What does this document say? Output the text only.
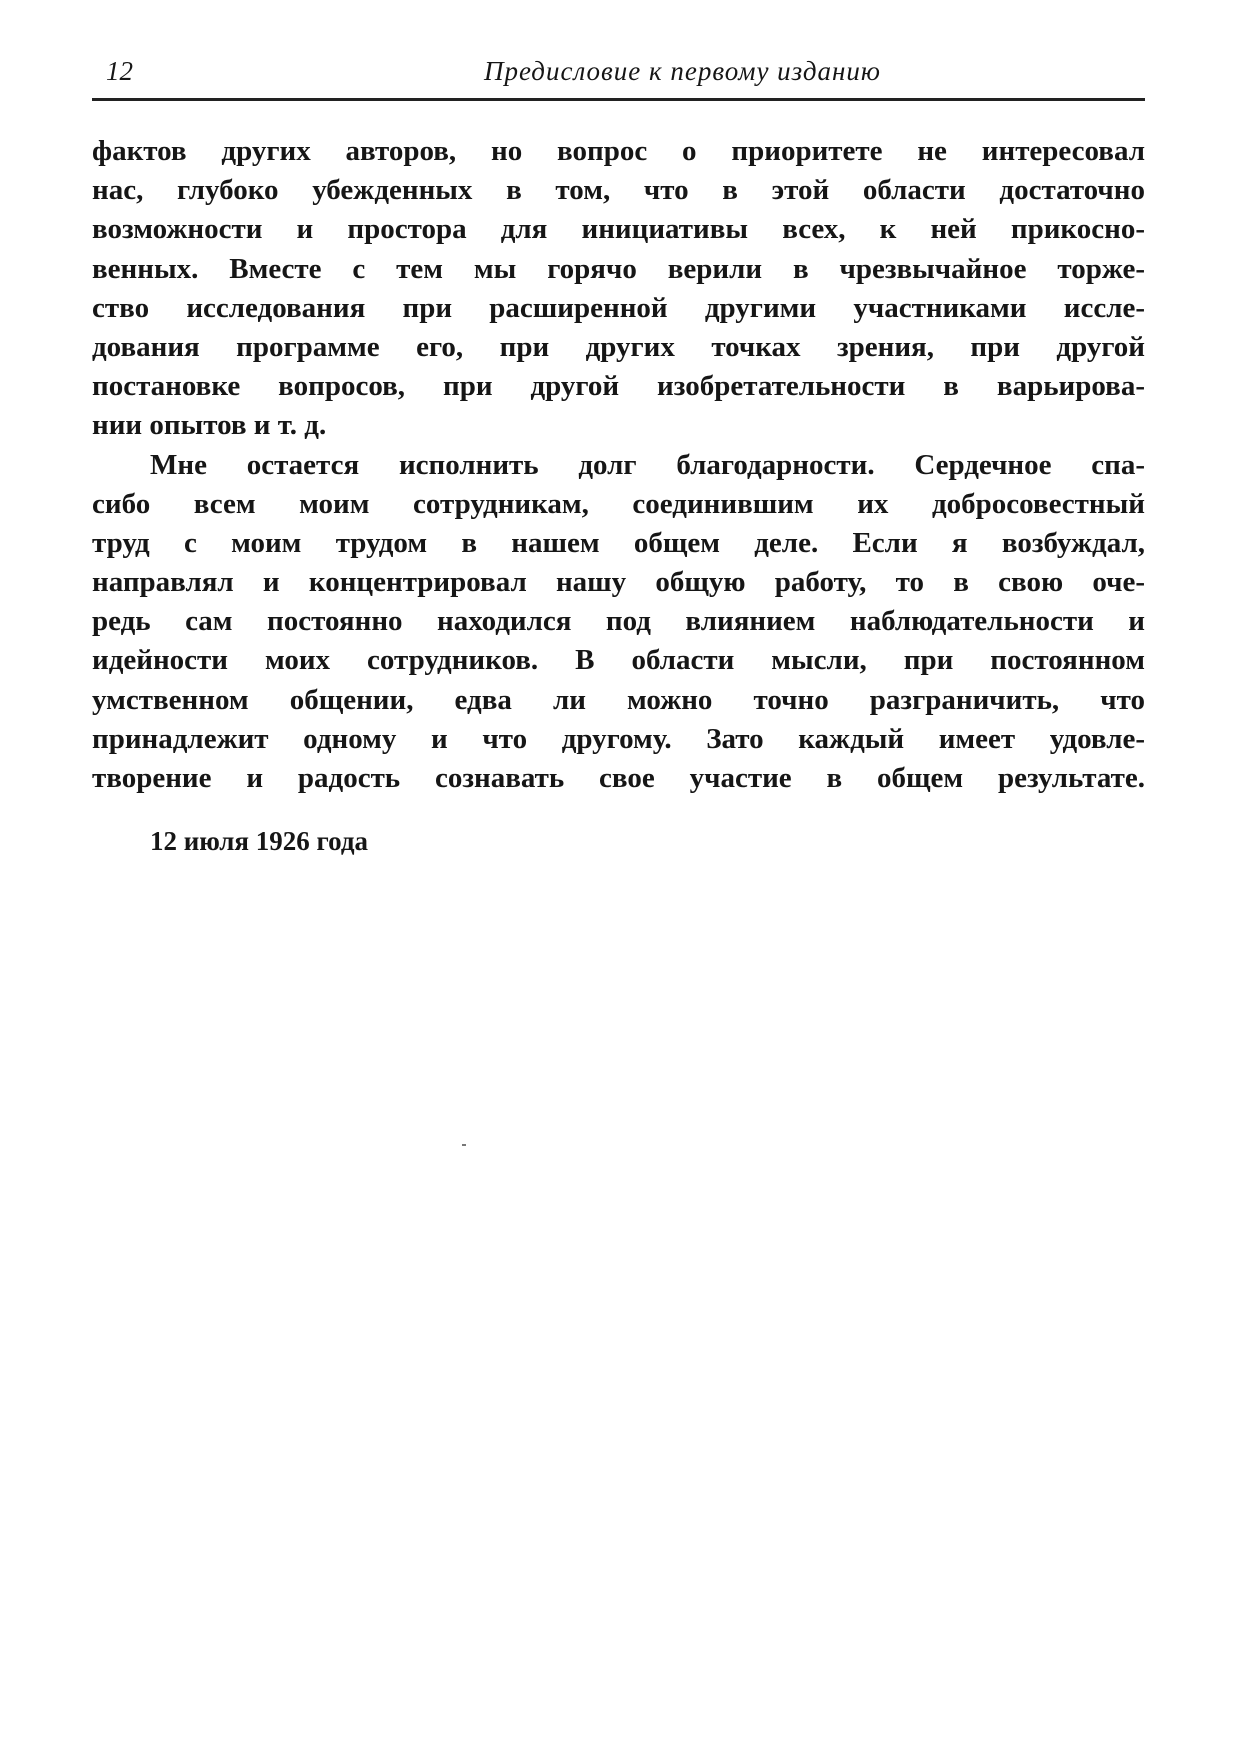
12	Предисловие к первому изданию
фактов других авторов, но вопрос о приоритете не интересовал
нас, глубоко убежденных в том, что в этой области достаточно
возможности и простора для инициативы всех, к ней прикосно-
венных. Вместе с тем мы горячо верили в чрезвычайное торже-
ство исследования при расширенной другими участниками иссле-
дования программе его, при других точках зрения, при другой
постановке вопросов, при другой изобретательности в варьирова-
нии опытов и т. д.
Мне остается исполнить долг благодарности. Сердечное спа-
сибо всем моим сотрудникам, соединившим их добросовестный
труд с моим трудом в нашем общем деле. Если я возбуждал,
направлял и концентрировал нашу общую работу, то в свою оче-
редь сам постоянно находился под влиянием наблюдательности и
идейности моих сотрудников. В области мысли, при постоянном
умственном общении, едва ли можно точно разграничить, что
принадлежит одному и что другому. Зато каждый имеет удовле-
творение и радость сознавать свое участие в общем результате.
12 июля 1926 года
